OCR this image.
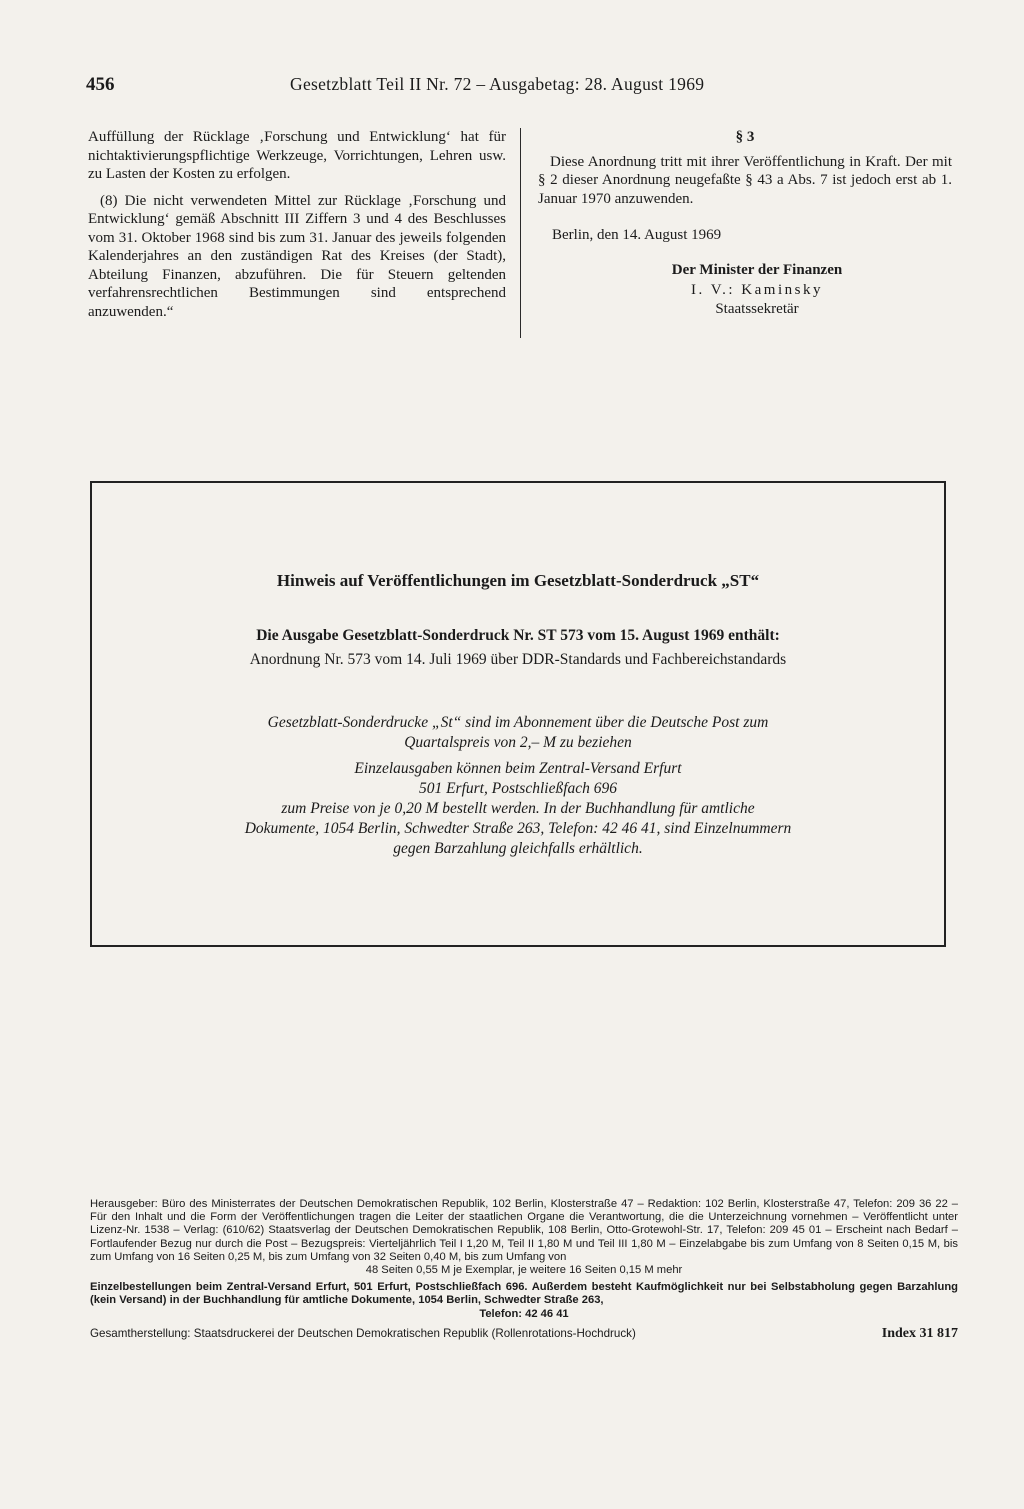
456	Gesetzblatt Teil II Nr. 72 – Ausgabetag: 28. August 1969

Auffüllung der Rücklage ‚Forschung und Entwicklung‘ hat für nichtaktivierungspflichtige Werkzeuge, Vorrichtungen, Lehren usw. zu Lasten der Kosten zu erfolgen.

(8) Die nicht verwendeten Mittel zur Rücklage ‚Forschung und Entwicklung‘ gemäß Abschnitt III Ziffern 3 und 4 des Beschlusses vom 31. Oktober 1968 sind bis zum 31. Januar des jeweils folgenden Kalenderjahres an den zuständigen Rat des Kreises (der Stadt), Abteilung Finanzen, abzuführen. Die für Steuern geltenden verfahrensrechtlichen Bestimmungen sind entsprechend anzuwenden.“

§ 3

Diese Anordnung tritt mit ihrer Veröffentlichung in Kraft. Der mit § 2 dieser Anordnung neugefaßte § 43 a Abs. 7 ist jedoch erst ab 1. Januar 1970 anzuwenden.

Berlin, den 14. August 1969

Der Minister der Finanzen

I. V.: Kaminsky

Staatssekretär

Hinweis auf Veröffentlichungen im Gesetzblatt-Sonderdruck „ST“
Die Ausgabe Gesetzblatt-Sonderdruck Nr. ST 573 vom 15. August 1969 enthält:
Anordnung Nr. 573 vom 14. Juli 1969 über DDR-Standards und Fachbereichstandards
Gesetzblatt-Sonderdrucke „St“ sind im Abonnement über die Deutsche Post zum
Quartalspreis von 2,– M zu beziehen
Einzelausgaben können beim Zentral-Versand Erfurt
501 Erfurt, Postschließfach 696
zum Preise von je 0,20 M bestellt werden. In der Buchhandlung für amtliche
Dokumente, 1054 Berlin, Schwedter Straße 263, Telefon: 42 46 41, sind Einzelnummern
gegen Barzahlung gleichfalls erhältlich.

Herausgeber: Büro des Ministerrates der Deutschen Demokratischen Republik, 102 Berlin, Klosterstraße 47 – Redaktion: 102 Berlin, Klosterstraße 47, Telefon: 209 36 22 – Für den Inhalt und die Form der Veröffentlichungen tragen die Leiter der staatlichen Organe die Verantwortung, die die Unterzeichnung vornehmen – Veröffentlicht unter Lizenz-Nr. 1538 – Verlag: (610/62) Staatsverlag der Deutschen Demokratischen Republik, 108 Berlin, Otto-Grotewohl-Str. 17, Telefon: 209 45 01 – Erscheint nach Bedarf – Fortlaufender Bezug nur durch die Post – Bezugspreis: Vierteljährlich Teil I 1,20 M, Teil II 1,80 M und Teil III 1,80 M – Einzelabgabe bis zum Umfang von 8 Seiten 0,15 M, bis zum Umfang von 16 Seiten 0,25 M, bis zum Umfang von 32 Seiten 0,40 M, bis zum Umfang von

48 Seiten 0,55 M je Exemplar, je weitere 16 Seiten 0,15 M mehr

Einzelbestellungen beim Zentral-Versand Erfurt, 501 Erfurt, Postschließfach 696. Außerdem besteht Kaufmöglichkeit nur bei Selbstabholung gegen Barzahlung (kein Versand) in der Buchhandlung für amtliche Dokumente, 1054 Berlin, Schwedter Straße 263,

Telefon: 42 46 41

Gesamtherstellung: Staatsdruckerei der Deutschen Demokratischen Republik (Rollenrotations-Hochdruck)	Index 31 817
